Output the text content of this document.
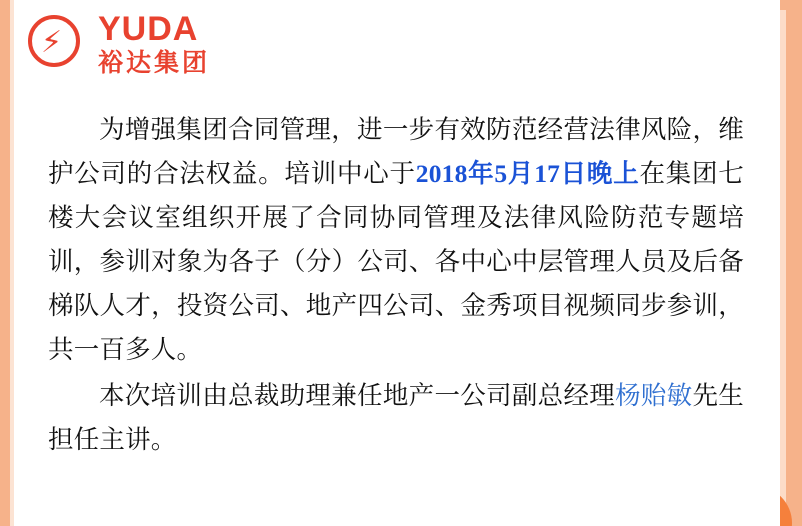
⚡ YUDA
裕达集团

为增强集团合同管理，进一步有效防范经营法律风险，维护公司的合法权益。培训中心于2018年5月17日晚上在集团七楼大会议室组织开展了合同协同管理及法律风险防范专题培训，参训对象为各子（分）公司、各中心中层管理人员及后备梯队人才，投资公司、地产四公司、金秀项目视频同步参训，共一百多人。

本次培训由总裁助理兼任地产一公司副总经理杨贻敏先生担任主讲。
